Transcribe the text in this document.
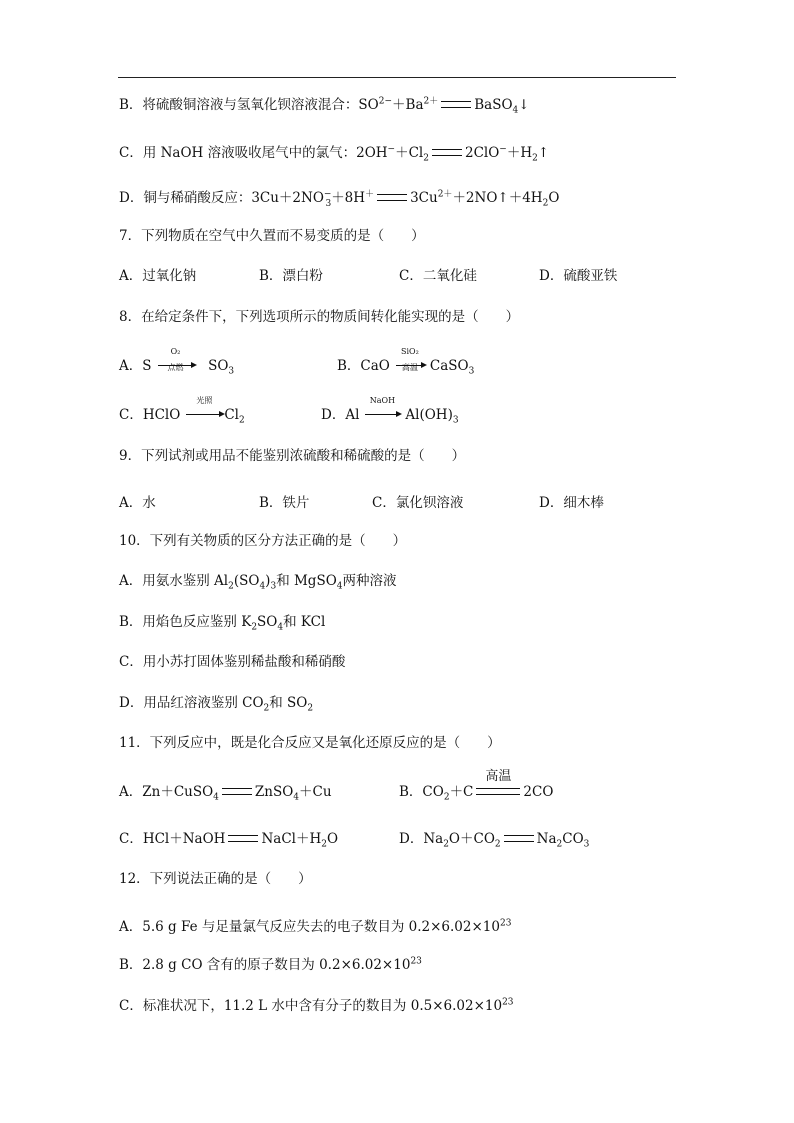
B．将硫酸铜溶液与氢氧化钡溶液混合：$SO^{2-}+Ba^{2+}$	BaSO$_4$↓
C．用 NaOH 溶液吸收尾气中的氯气：$2OH^-+Cl_2$	$2ClO^-+H_2↑$
D．铜与稀硝酸反应：$3Cu+2NO^-_3+8H^+$	$3Cu^{2+}+2NO↑+4H_2O$
7．下列物质在空气中久置而不易变质的是（　　）
A．过氧化钠	B．漂白粉	C．二氧化硅	D．硫酸亚铁
8．在给定条件下，下列选项所示的物质间转化能实现的是（　　）
A．S
O₂
点燃	$SO_3$	B．CaO
SiO₂
高温 CaSO$_3$
C．HClO
光照
$Cl_2$	D．Al
NaOH
$Al(OH)_3$
9．下列试剂或用品不能鉴别浓硫酸和稀硫酸的是（　　）
A．水	B．铁片	C．氯化钡溶液	D．细木棒
10．下列有关物质的区分方法正确的是（　　）
A．用氨水鉴别 $Al_2(SO_4)_3$和 MgSO$_4$两种溶液
B．用焰色反应鉴别 $K_2SO_4$和 KCl
C．用小苏打固体鉴别稀盐酸和稀硝酸
D．用品红溶液鉴别 $CO_2$和 $SO_2$
11．下列反应中，既是化合反应又是氧化还原反应的是（　　）
A．Zn＋CuSO$_4$	ZnSO$_4$＋Cu	B．$CO_2+C$
高温
2CO
C．HCl＋NaOH	$NaCl+H_2O$	D．$Na_2O+CO_2$	$Na_2CO_3$
12．下列说法正确的是（　　）
A．5.6 g Fe 与足量氯气反应失去的电子数目为 $0.2\times 6.02\times 10^{23}$
B．2.8 g CO 含有的原子数目为 $0.2\times 6.02\times 10^{23}$
C．标准状况下，11.2 L 水中含有分子的数目为 $0.5\times 6.02\times 10^{23}$
